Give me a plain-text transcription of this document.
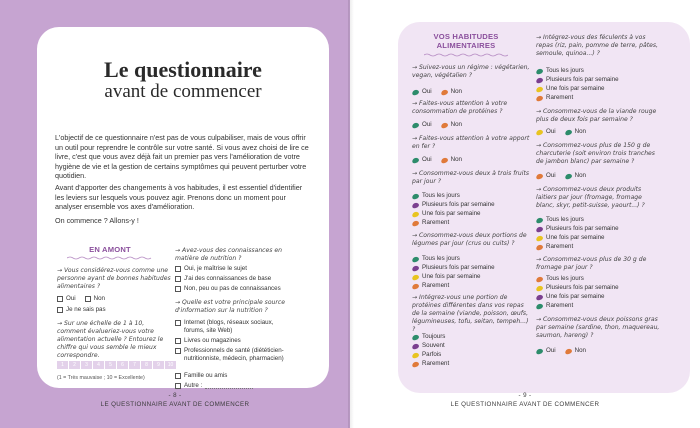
Le questionnaire
avant de commencer
L'objectif de ce questionnaire n'est pas de vous culpabiliser, mais de vous offrir un outil pour reprendre le contrôle sur votre santé. Si vous avez choisi de lire ce livre, c'est que vous avez déjà fait un premier pas vers l'amélioration de votre hygiène de vie et la gestion de certains symptômes qui peuvent perturber votre quotidien.
Avant d'apporter des changements à vos habitudes, il est essentiel d'identifier les leviers sur lesquels vous pouvez agir. Prenons donc un moment pour analyser ensemble vos axes d'amélioration.
On commence ? Allons-y !
EN AMONT
→ Vous considérez-vous comme une personne ayant de bonnes habitudes alimentaires ?
Oui	Non
Je ne sais pas
→ Sur une échelle de 1 à 10, comment évalueriez-vous votre alimentation actuelle ? Entourez le chiffre qui vous semble le mieux correspondre.
1	2	3	4	5	6	7	8	9	10
(1 = Très mauvaise ; 10 = Excellente)
→ Avez-vous des connaissances en matière de nutrition ?
Oui, je maîtrise le sujet
J'ai des connaissances de base
Non, peu ou pas de connaissances
→ Quelle est votre principale source d'information sur la nutrition ?
Internet (blogs, réseaux sociaux, forums, site Web)
Livres ou magazines
Professionnels de santé (diététicien-nutritionniste, médecin, pharmacien)
Famille ou amis
Autre :
- 8 -
LE QUESTIONNAIRE AVANT DE COMMENCER
VOS HABITUDES
ALIMENTAIRES
→ Suivez-vous un régime : végétarien, vegan, végétalien ?
Oui	Non
→ Faites-vous attention à votre consommation de protéines ?
Oui	Non
→ Faites-vous attention à votre apport en fer ?
Oui	Non
→ Consommez-vous deux à trois fruits par jour ?
Tous les jours
Plusieurs fois par semaine
Une fois par semaine
Rarement
→ Consommez-vous deux portions de légumes par jour (crus ou cuits) ?
Tous les jours
Plusieurs fois par semaine
Une fois par semaine
Rarement
→ Intégrez-vous une portion de protéines différentes dans vos repas de la semaine (viande, poisson, œufs, légumineuses, tofu, seitan, tempeh...) ?
Toujours
Souvent
Parfois
Rarement
→ Intégrez-vous des féculents à vos repas (riz, pain, pomme de terre, pâtes, semoule, quinoa...) ?
Tous les jours
Plusieurs fois par semaine
Une fois par semaine
Rarement
→ Consommez-vous de la viande rouge plus de deux fois par semaine ?
Oui	Non
→ Consommez-vous plus de 150 g de charcuterie (soit environ trois tranches de jambon blanc) par semaine ?
Oui	Non
→ Consommez-vous deux produits laitiers par jour (fromage, fromage blanc, skyr, petit-suisse, yaourt...) ?
Tous les jours
Plusieurs fois par semaine
Une fois par semaine
Rarement
→ Consommez-vous plus de 30 g de fromage par jour ?
Tous les jours
Plusieurs fois par semaine
Une fois par semaine
Rarement
→ Consommez-vous deux poissons gras par semaine (sardine, thon, maquereau, saumon, hareng) ?
Oui	Non
- 9 -
LE QUESTIONNAIRE AVANT DE COMMENCER
